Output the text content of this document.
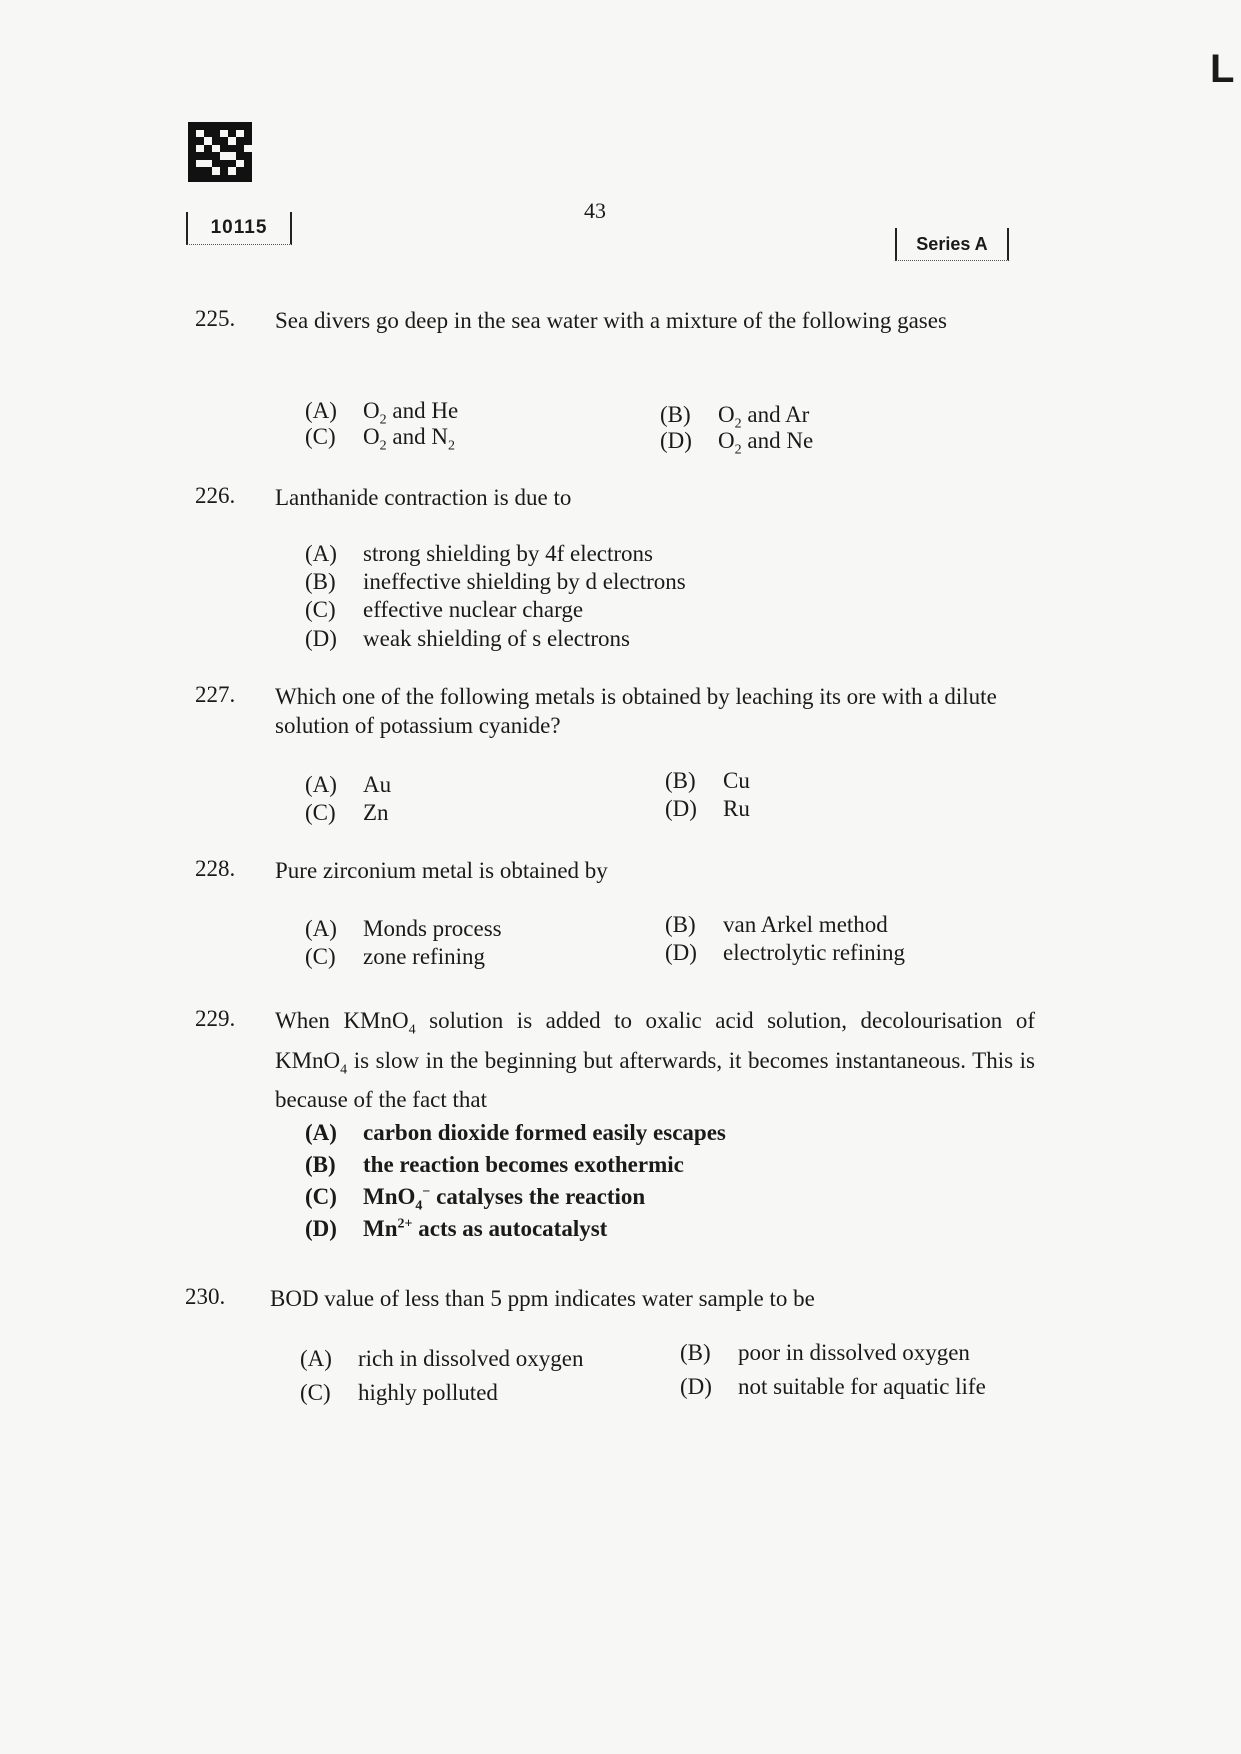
10115
43
Series A
L
225. Sea divers go deep in the sea water with a mixture of the following gases
(A) $O_2$ and He	(B) $O_2$ and Ar
(C) $O_2$ and $N_2$	(D) $O_2$ and Ne
226. Lanthanide contraction is due to
(A) strong shielding by 4f electrons
(B) ineffective shielding by d electrons
(C) effective nuclear charge
(D) weak shielding of s electrons
227. Which one of the following metals is obtained by leaching its ore with a dilute solution of potassium cyanide?
(A) Au	(B) Cu
(C) Zn	(D) Ru
228. Pure zirconium metal is obtained by
(A) Monds process	(B) van Arkel method
(C) zone refining	(D) electrolytic refining
229. When KMnO$_4$ solution is added to oxalic acid solution, decolourisation of KMnO$_4$ is slow in the beginning but afterwards, it becomes instantaneous. This is because of the fact that
(A) carbon dioxide formed easily escapes
(B) the reaction becomes exothermic
(C) MnO$_4$− catalyses the reaction
(D) $Mn^{2+}$ acts as autocatalyst
230. BOD value of less than 5 ppm indicates water sample to be
(A) rich in dissolved oxygen	(B) poor in dissolved oxygen
(C) highly polluted	(D) not suitable for aquatic life
